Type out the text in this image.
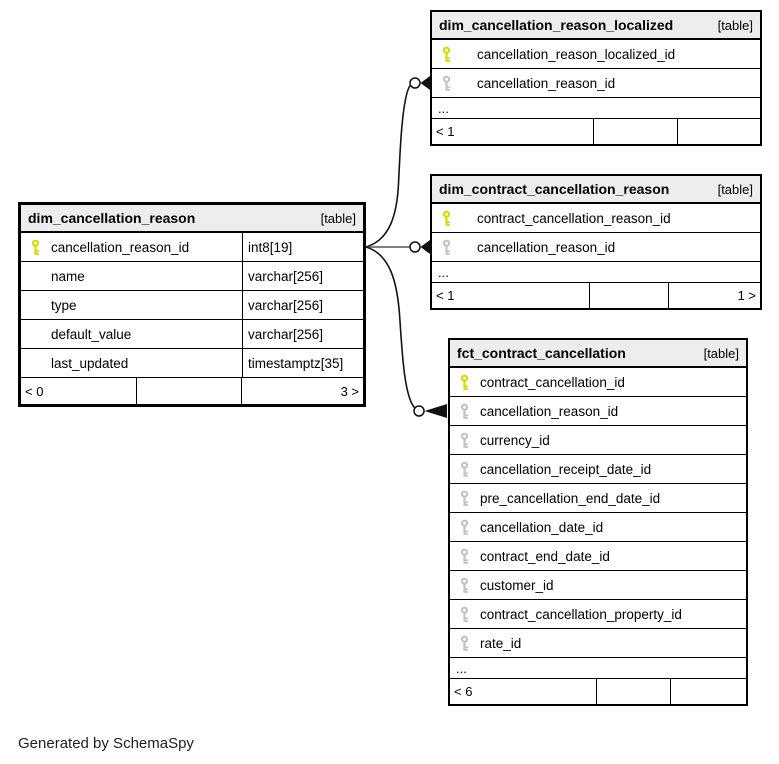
dim_cancellation_reason_localized	[table]
cancellation_reason_localized_id
cancellation_reason_id
...
< 1
dim_contract_cancellation_reason	[table]
contract_cancellation_reason_id
cancellation_reason_id
...
< 1	1 >
dim_cancellation_reason	[table]
cancellation_reason_id	int8[19]
name	varchar[256]
type	varchar[256]
default_value	varchar[256]
last_updated	timestamptz[35]
< 0	3 >
fct_contract_cancellation	[table]
contract_cancellation_id
cancellation_reason_id
currency_id
cancellation_receipt_date_id
pre_cancellation_end_date_id
cancellation_date_id
contract_end_date_id
customer_id
contract_cancellation_property_id
rate_id
...
< 6
Generated by SchemaSpy
